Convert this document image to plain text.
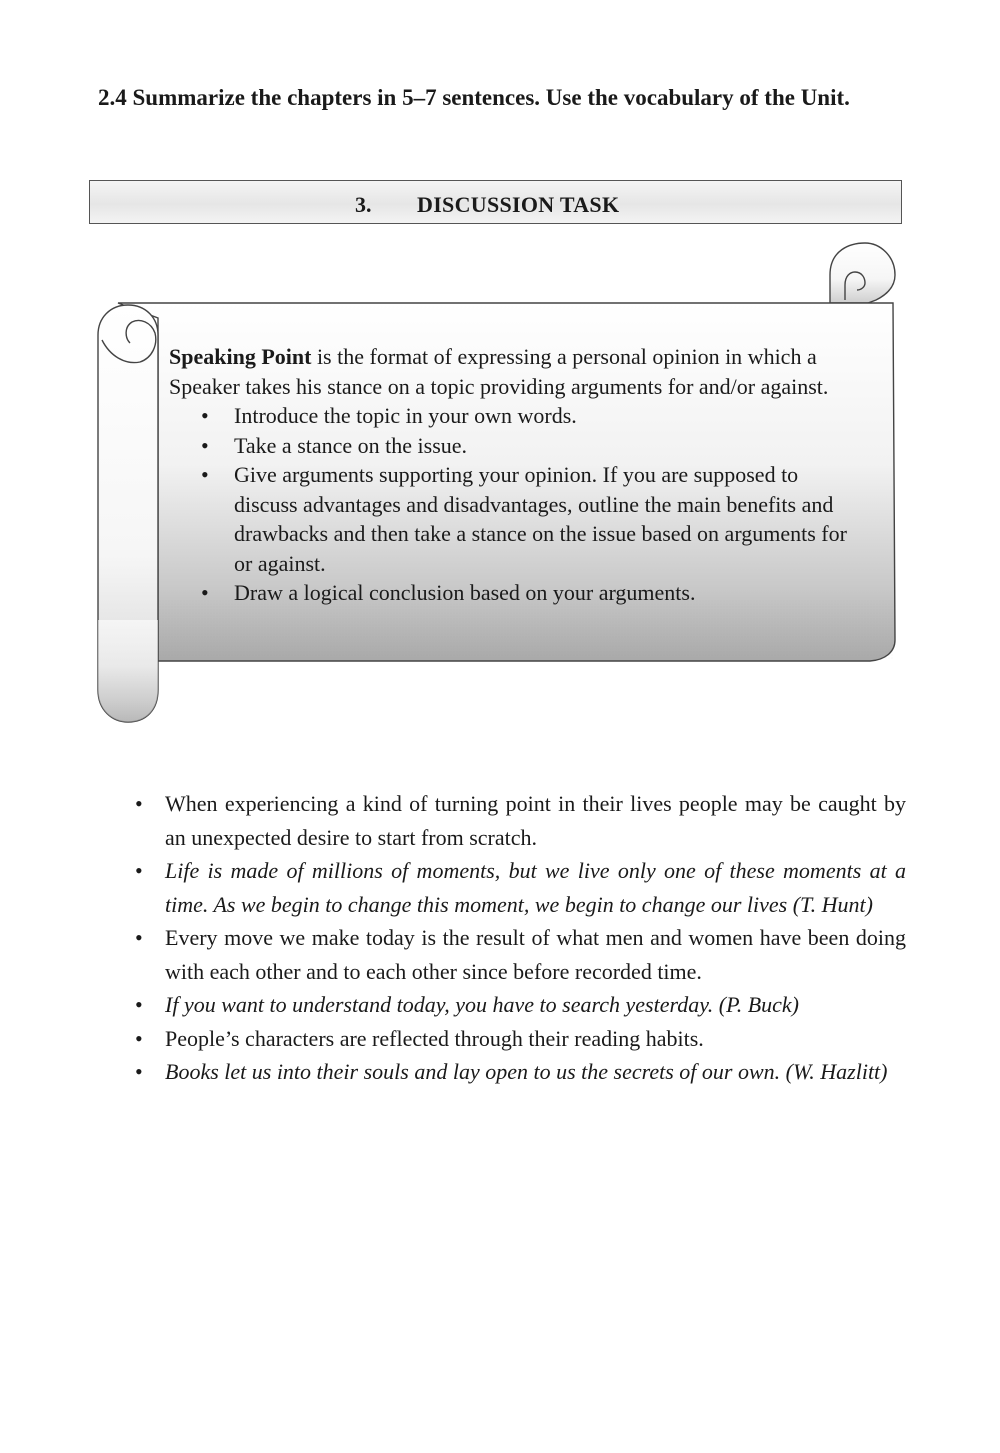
2.4 Summarize the chapters in 5–7 sentences. Use the vocabulary of the Unit.

3. DISCUSSION TASK

Speaking Point is the format of expressing a personal opinion in which a Speaker takes his stance on a topic providing arguments for and/or against.

• Introduce the topic in your own words.
• Take a stance on the issue.
• Give arguments supporting your opinion. If you are supposed to discuss advantages and disadvantages, outline the main benefits and drawbacks and then take a stance on the issue based on arguments for or against.
• Draw a logical conclusion based on your arguments.
• When experiencing a kind of turning point in their lives people may be caught by an unexpected desire to start from scratch.
• Life is made of millions of moments, but we live only one of these moments at a time. As we begin to change this moment, we begin to change our lives (T. Hunt)
• Every move we make today is the result of what men and women have been doing with each other and to each other since before recorded time.
• If you want to understand today, you have to search yesterday. (P. Buck)
• People’s characters are reflected through their reading habits.
• Books let us into their souls and lay open to us the secrets of our own. (W. Hazlitt)
